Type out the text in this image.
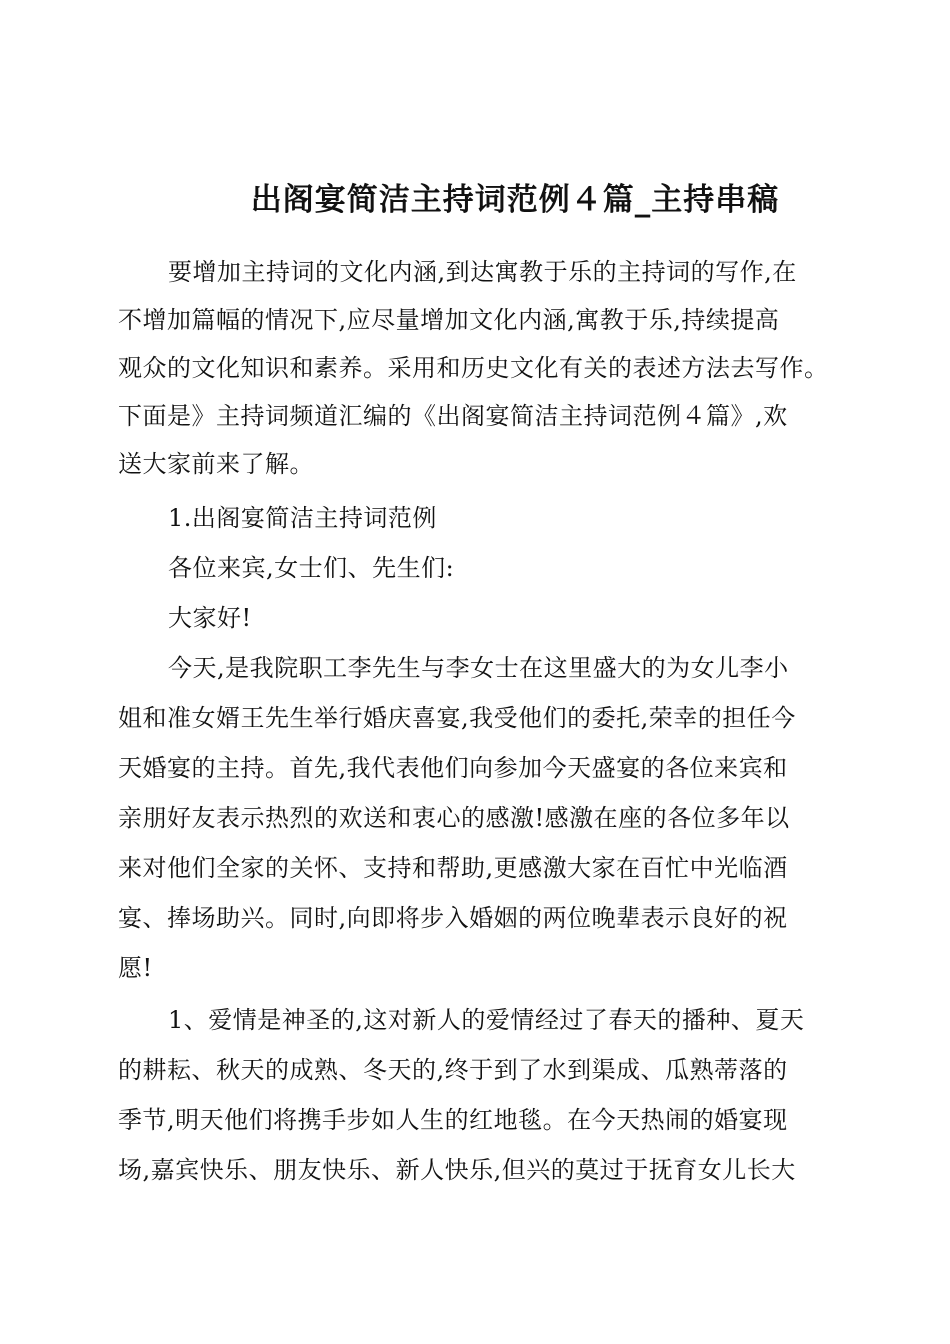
出阁宴简洁主持词范例４篇_主持串稿
要增加主持词的文化内涵,到达寓教于乐的主持词的写作,在
不增加篇幅的情况下,应尽量增加文化内涵,寓教于乐,持续提高
观众的文化知识和素养。采用和历史文化有关的表述方法去写作。
下面是》主持词频道汇编的《出阁宴简洁主持词范例４篇》,欢
送大家前来了解。
1.出阁宴简洁主持词范例
各位来宾,女士们、先生们:
大家好!
今天,是我院职工李先生与李女士在这里盛大的为女儿李小
姐和准女婿王先生举行婚庆喜宴,我受他们的委托,荣幸的担任今
天婚宴的主持。首先,我代表他们向参加今天盛宴的各位来宾和
亲朋好友表示热烈的欢送和衷心的感激!感激在座的各位多年以
来对他们全家的关怀、支持和帮助,更感激大家在百忙中光临酒
宴、捧场助兴。同时,向即将步入婚姻的两位晚辈表示良好的祝
愿!
1、爱情是神圣的,这对新人的爱情经过了春天的播种、夏天
的耕耘、秋天的成熟、冬天的,终于到了水到渠成、瓜熟蒂落的
季节,明天他们将携手步如人生的红地毯。在今天热闹的婚宴现
场,嘉宾快乐、朋友快乐、新人快乐,但兴的莫过于抚育女儿长大
